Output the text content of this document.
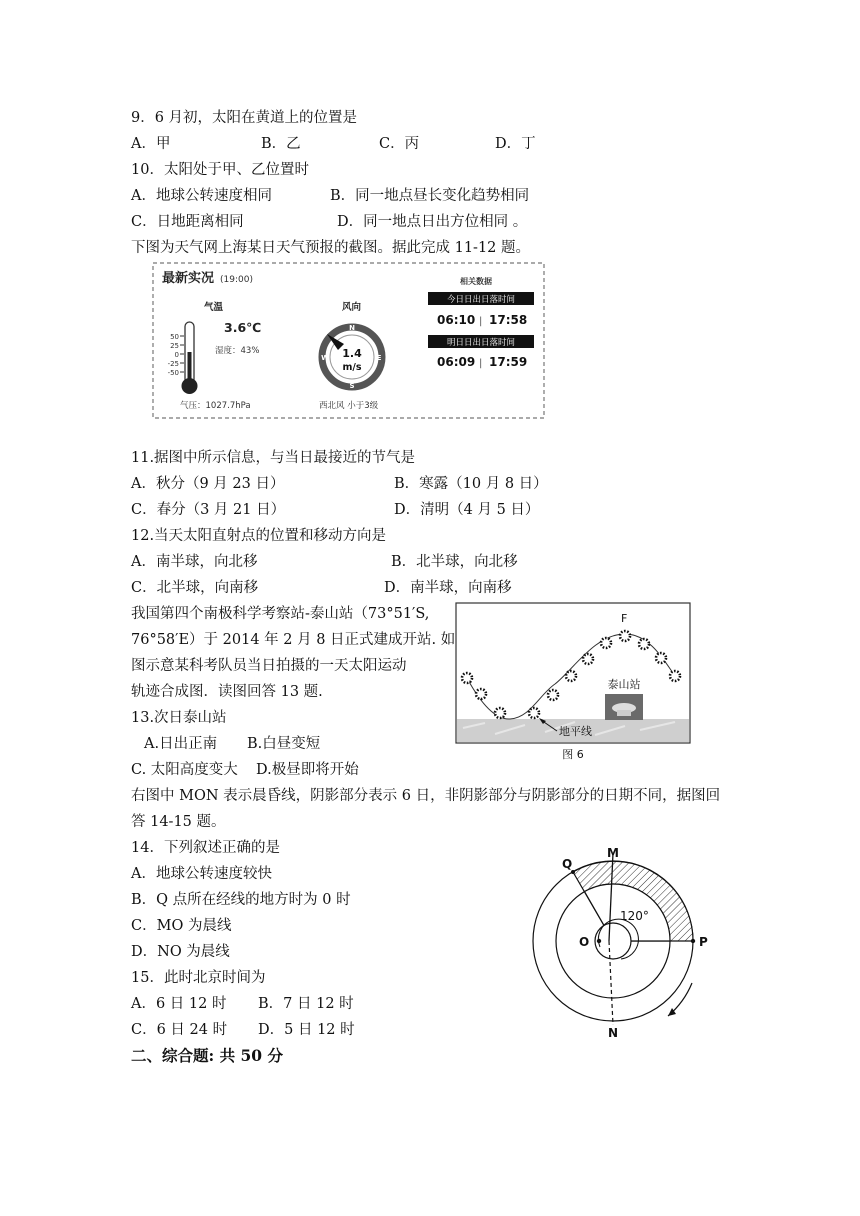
9．6 月初，太阳在黄道上的位置是
A．甲	B．乙	C．丙	D．丁
10．太阳处于甲、乙位置时
A．地球公转速度相同	B．同一地点昼长变化趋势相同
C．日地距离相同	D．同一地点日出方位相同 。
下图为天气网上海某日天气预报的截图。据此完成 11-12 题。
最新实况 (19:00)
气温
3.6℃
湿度：43%
50
25
0
-25
-50
气压：1027.7hPa
风向
1.4
m/s
N
E
S
W
西北风 小于3级
相关数据
今日日出日落时间
06:10 | 17:58
明日日出日落时间
06:09 | 17:59
11.据图中所示信息，与当日最接近的节气是
A．秋分（9 月 23 日）	B．寒露（10 月 8 日）
C．春分（3 月 21 日）	D．清明（4 月 5 日）
12.当天太阳直射点的位置和移动方向是
A．南半球，向北移	B．北半球，向北移
C．北半球，向南移	D．南半球，向南移
我国第四个南极科学考察站-泰山站（73°51′S,
76°58′E）于 2014 年 2 月 8 日正式建成开站. 如
图示意某科考队员当日拍摄的一天太阳运动
轨迹合成图．读图回答 13 题.
F
泰山站
地平线
图 6
13.次日泰山站
A.日出正南 B.白昼变短
C. 太阳高度变大 D.极昼即将开始
右图中 MON 表示晨昏线，阴影部分表示 6 日，非阴影部分与阴影部分的日期不同，据图回
答 14-15 题。
14．下列叙述正确的是
A．地球公转速度较快
B．Q 点所在经线的地方时为 0 时
C．MO 为晨线
D．NO 为晨线
15．此时北京时间为
A．6 日 12 时 B．7 日 12 时
C．6 日 24 时 D．5 日 12 时
Q
M
O	P
N
120°
二、综合题: 共 50 分
